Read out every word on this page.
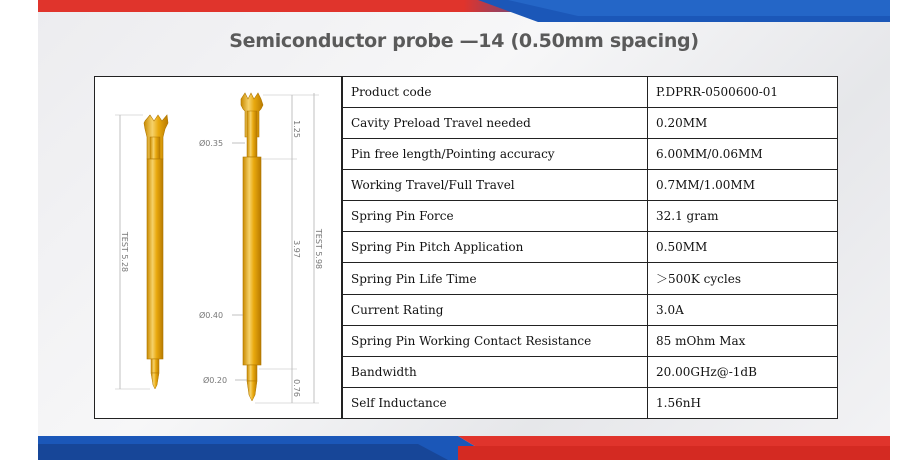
Semiconductor probe —14 (0.50mm spacing)
TEST 5.28
1.25
3.97
0.76
TEST 5.98
Ø0.35
Ø0.40
Ø0.20
Product code	P.DPRR-0500600-01
Cavity Preload Travel needed	0.20MM
Pin free length/Pointing accuracy	6.00MM/0.06MM
Working Travel/Full Travel	0.7MM/1.00MM
Spring Pin Force	32.1 gram
Spring Pin Pitch Application	0.50MM
Spring Pin Life Time	＞500K cycles
Current Rating	3.0A
Spring Pin Working Contact Resistance	85 mOhm Max
Bandwidth	20.00GHz@-1dB
Self Inductance	1.56nH
